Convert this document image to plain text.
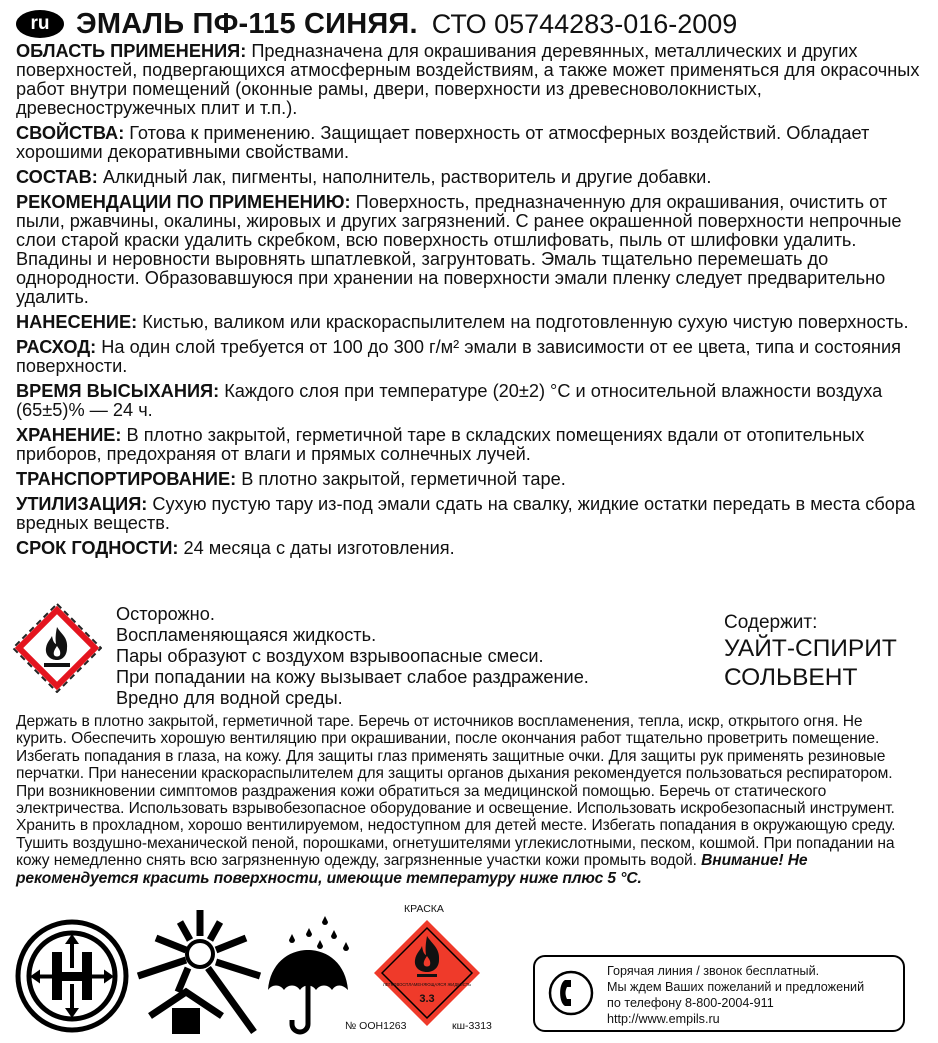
ru ЭМАЛЬ ПФ-115 СИНЯЯ. СТО 05744283-016-2009
ОБЛАСТЬ ПРИМЕНЕНИЯ: Предназначена для окрашивания деревянных, металлических и других поверхностей, подвергающихся атмосферным воздействиям, а также может применяться для окрасочных работ внутри помещений (оконные рамы, двери, поверхности из древесноволокнистых, древесностружечных плит и т.п.).
СВОЙСТВА: Готова к применению. Защищает поверхность от атмосферных воздействий. Обладает хорошими декоративными свойствами.
СОСТАВ: Алкидный лак, пигменты, наполнитель, растворитель и другие добавки.
РЕКОМЕНДАЦИИ ПО ПРИМЕНЕНИЮ: Поверхность, предназначенную для окрашивания, очистить от пыли, ржавчины, окалины, жировых и других загрязнений. С ранее окрашенной поверхности непрочные слои старой краски удалить скребком, всю поверхность отшлифовать, пыль от шлифовки удалить. Впадины и неровности выровнять шпатлевкой, загрунтовать. Эмаль тщательно перемешать до однородности. Образовавшуюся при хранении на поверхности эмали пленку следует предварительно удалить.
НАНЕСЕНИЕ: Кистью, валиком или краскораспылителем на подготовленную сухую чистую поверхность.
РАСХОД: На один слой требуется от 100 до 300 г/м² эмали в зависимости от ее цвета, типа и состояния поверхности.
ВРЕМЯ ВЫСЫХАНИЯ: Каждого слоя при температуре (20±2) °С и относительной влажности воздуха (65±5)% — 24 ч.
ХРАНЕНИЕ: В плотно закрытой, герметичной таре в складских помещениях вдали от отопительных приборов, предохраняя от влаги и прямых солнечных лучей.
ТРАНСПОРТИРОВАНИЕ: В плотно закрытой, герметичной таре.
УТИЛИЗАЦИЯ: Сухую пустую тару из-под эмали сдать на свалку, жидкие остатки передать в места сбора вредных веществ.
СРОК ГОДНОСТИ: 24 месяца с даты изготовления.
Осторожно.
Воспламеняющаяся жидкость.
Пары образуют с воздухом взрывоопасные смеси.
При попадании на кожу вызывает слабое раздражение.
Вредно для водной среды.
Содержит:
УАЙТ-СПИРИТ
СОЛЬВЕНТ
Держать в плотно закрытой, герметичной таре. Беречь от источников воспламенения, тепла, искр, открытого огня. Не курить. Обеспечить хорошую вентиляцию при окрашивании, после окончания работ тщательно проветрить помещение. Избегать попадания в глаза, на кожу. Для защиты глаз применять защитные очки. Для защиты рук применять резиновые перчатки. При нанесении краскораспылителем для защиты органов дыхания рекомендуется пользоваться респиратором. При возникновении симптомов раздражения кожи обратиться за медицинской помощью. Беречь от статического электричества. Использовать взрывобезопасное оборудование и освещение. Использовать искробезопасный инструмент. Хранить в прохладном, хорошо вентилируемом, недоступном для детей месте. Избегать попадания в окружающую среду. Тушить воздушно-механической пеной, порошками, огнетушителями углекислотными, песком, кошмой. При попадании на кожу немедленно снять всю загрязненную одежду, загрязненные участки кожи промыть водой. Внимание! Не рекомендуется красить поверхности, имеющие температуру ниже плюс 5 °С.
КРАСКА
ЛЕГКОВОСПЛАМЕНЯЮЩАЯСЯ ЖИДКОСТЬ
3.3
№ ООН1263	кш-3313
Горячая линия / звонок бесплатный.
Мы ждем Ваших пожеланий и предложений
по телефону 8-800-2004-911
http://www.empils.ru
